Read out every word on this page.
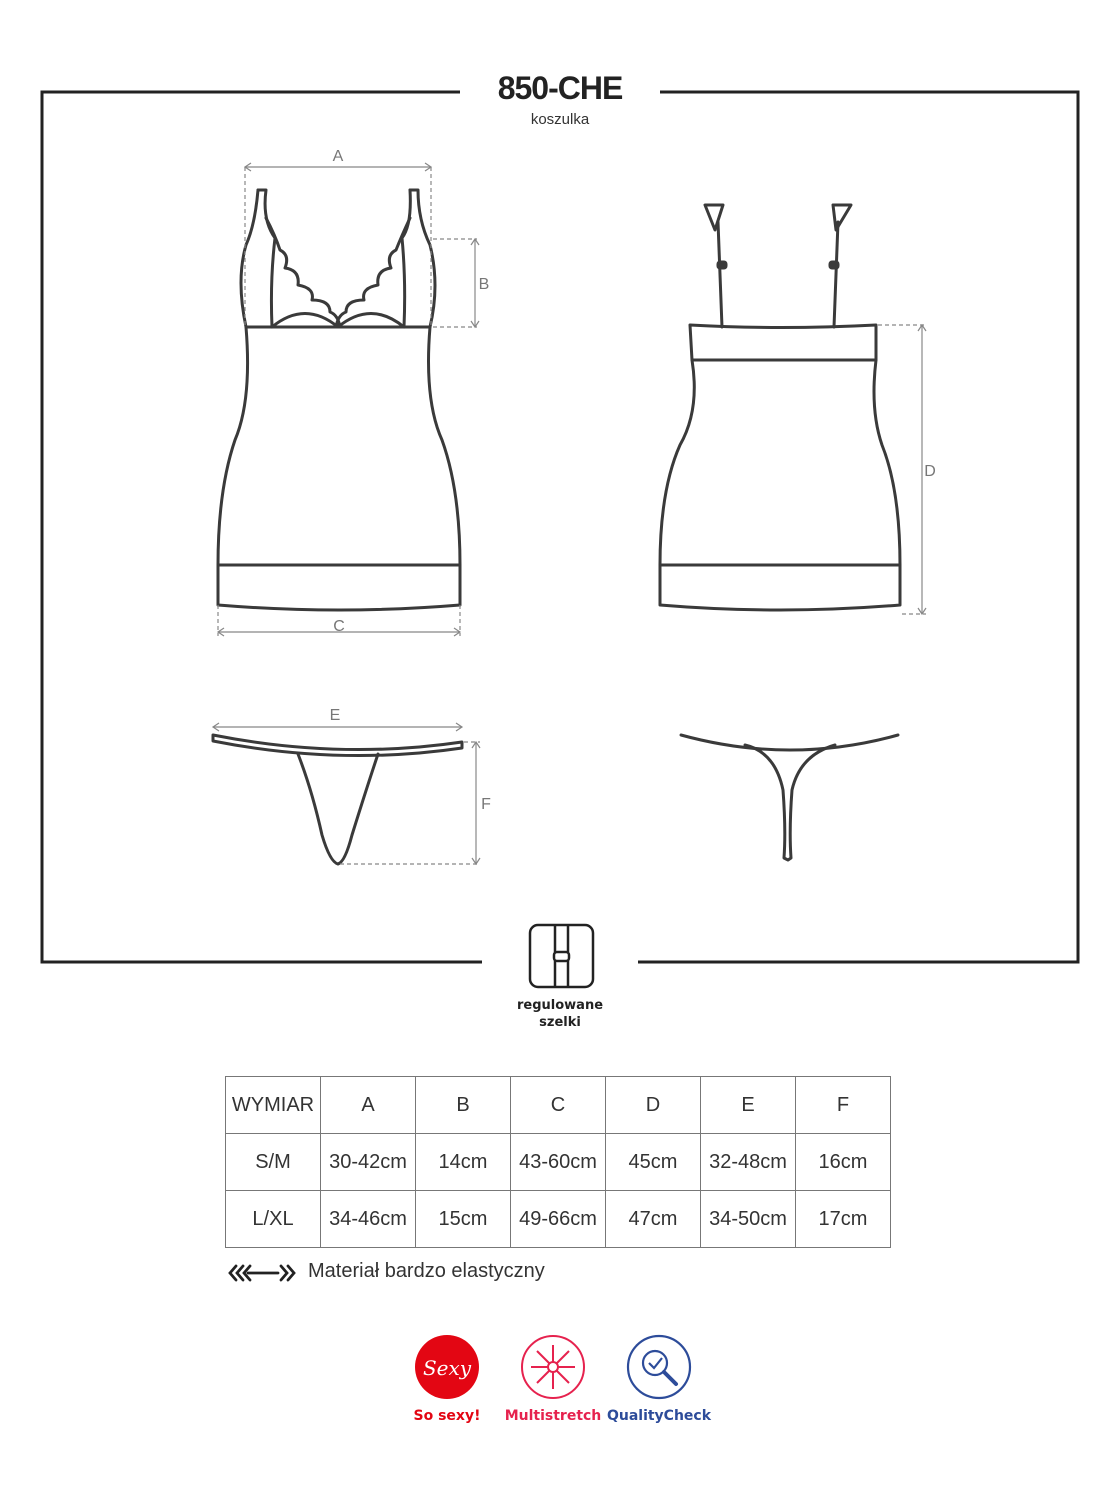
A
B
C
D
E
F
Sexy
850-CHE
koszulka
regulowane
szelki
WYMIAR	A	B	C	D	E	F
S/M	30-42cm	14cm	43-60cm	45cm	32-48cm	16cm
L/XL	34-46cm	15cm	49-66cm	47cm	34-50cm	17cm
Materiał bardzo elastyczny
So sexy!	Multistretch QualityCheck
